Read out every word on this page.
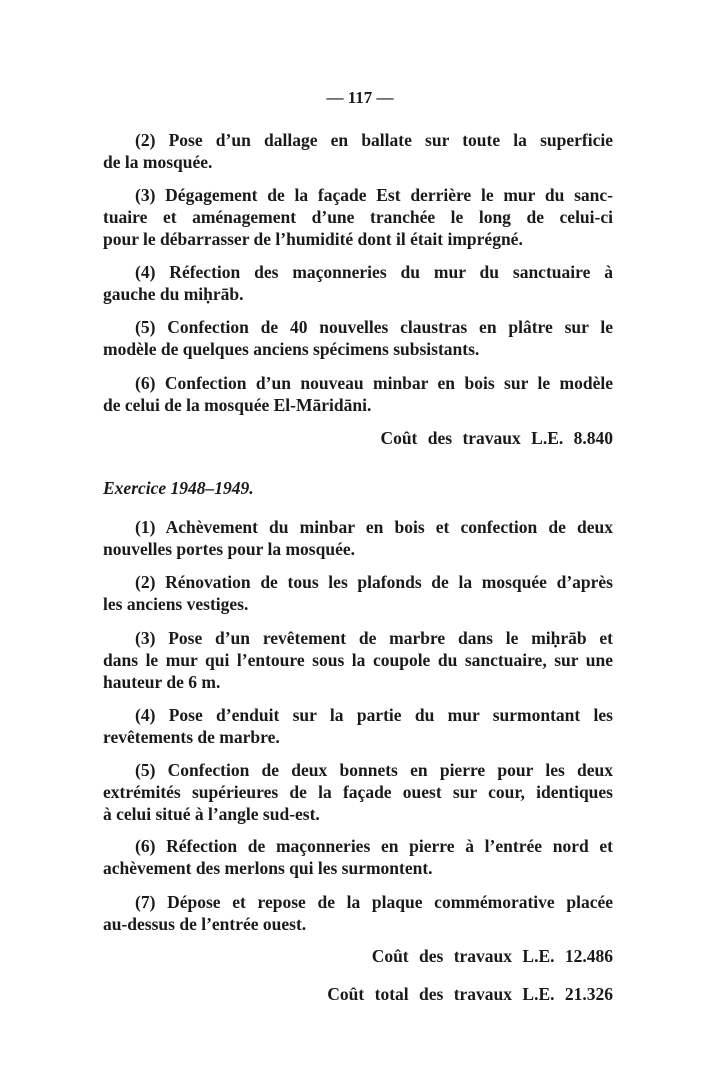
— 117 —
(2) Pose d’un dallage en ballate sur toute la superficie
de la mosquée.
(3) Dégagement de la façade Est derrière le mur du sanc-
tuaire et aménagement d’une tranchée le long de celui-ci
pour le débarrasser de l’humidité dont il était imprégné.
(4) Réfection des maçonneries du mur du sanctuaire à
gauche du miḥrāb.
(5) Confection de 40 nouvelles claustras en plâtre sur le
modèle de quelques anciens spécimens subsistants.
(6) Confection d’un nouveau minbar en bois sur le modèle
de celui de la mosquée El-Māridāni.
Coût des travaux L.E. 8.840
Exercice 1948–1949.
(1) Achèvement du minbar en bois et confection de deux
nouvelles portes pour la mosquée.
(2) Rénovation de tous les plafonds de la mosquée d’après
les anciens vestiges.
(3) Pose d’un revêtement de marbre dans le miḥrāb et
dans le mur qui l’entoure sous la coupole du sanctuaire, sur une
hauteur de 6 m.
(4) Pose d’enduit sur la partie du mur surmontant les
revêtements de marbre.
(5) Confection de deux bonnets en pierre pour les deux
extrémités supérieures de la façade ouest sur cour, identiques
à celui situé à l’angle sud-est.
(6) Réfection de maçonneries en pierre à l’entrée nord et
achèvement des merlons qui les surmontent.
(7) Dépose et repose de la plaque commémorative placée
au-dessus de l’entrée ouest.
Coût des travaux L.E. 12.486
Coût total des travaux L.E. 21.326
